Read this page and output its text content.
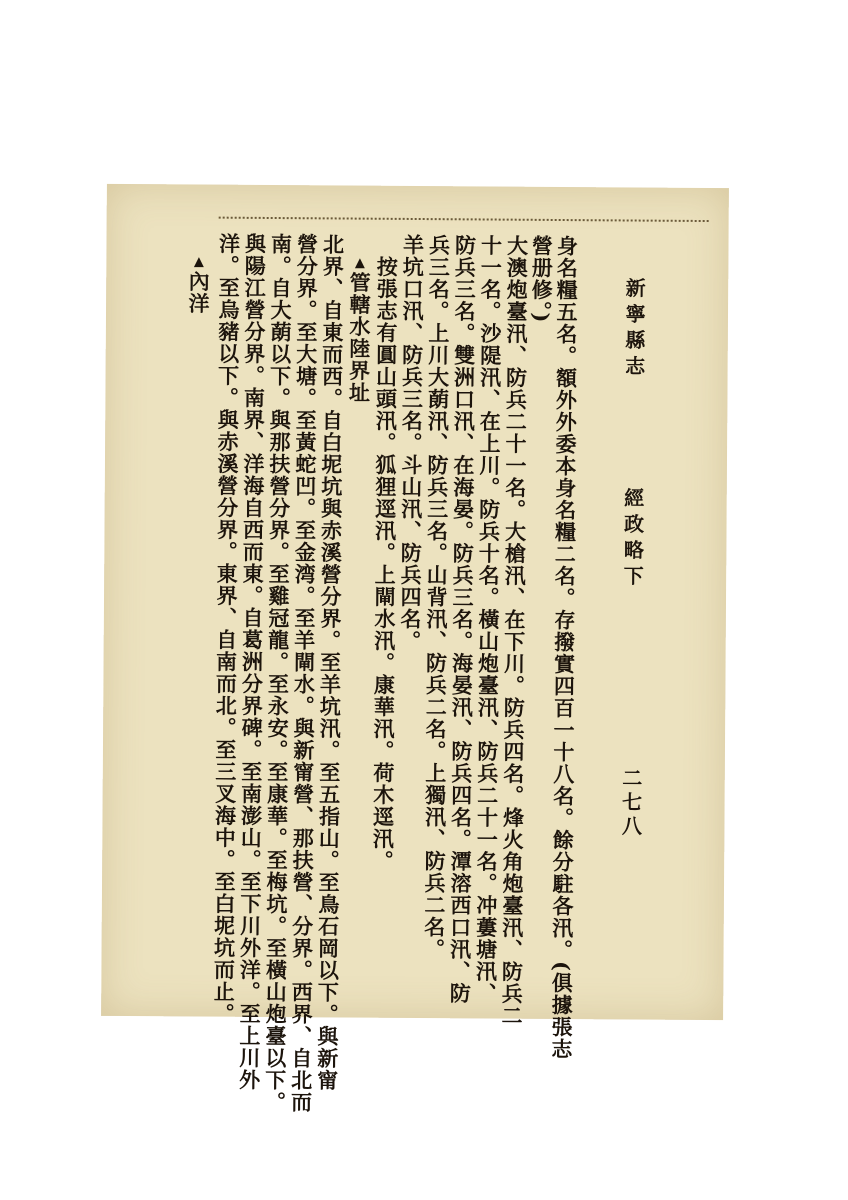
新寧縣志
經政略下
二七八
身名糧五名。額外外委本身名糧二名。存撥實四百一十八名。餘分駐各汛。(俱據張志
營册修。)
大澳炮臺汛、防兵二十一名。大槍汛、在下川。防兵四名。烽火角炮臺汛、防兵二
十一名。沙隄汛、在上川。防兵十名。橫山炮臺汛、防兵二十一名。冲蔞塘汛、
防兵三名。雙洲口汛、在海晏。防兵三名。海晏汛、防兵四名。潭溶西口汛、防
兵三名。上川大蓢汛、防兵三名。山背汛、防兵二名。上獨汛、防兵二名。
羊坑口汛、防兵三名。斗山汛、防兵四名。
按張志有圓山頭汛。狐狸逕汛。上閘水汛。康華汛。荷木逕汛。
▲ 管轄水陸界址
北界、自東而西。自白坭坑與赤溪營分界。至羊坑汛。至五指山。至鳥石岡以下。與新甯
營分界。至大塘。至黃蛇凹。至金湾。至羊閘水。與新甯營、那扶營、分界。西界、自北而
南。自大蓢以下。與那扶營分界。至雞冠龍。至永安。至康華。至梅坑。至橫山炮臺以下。
與陽江營分界。南界、洋海自西而東。自葛洲分界碑。至南澎山。至下川外洋。至上川外
洋。至烏豬以下。與赤溪營分界。東界、自南而北。至三叉海中。至白坭坑而止。
▲ 內洋
